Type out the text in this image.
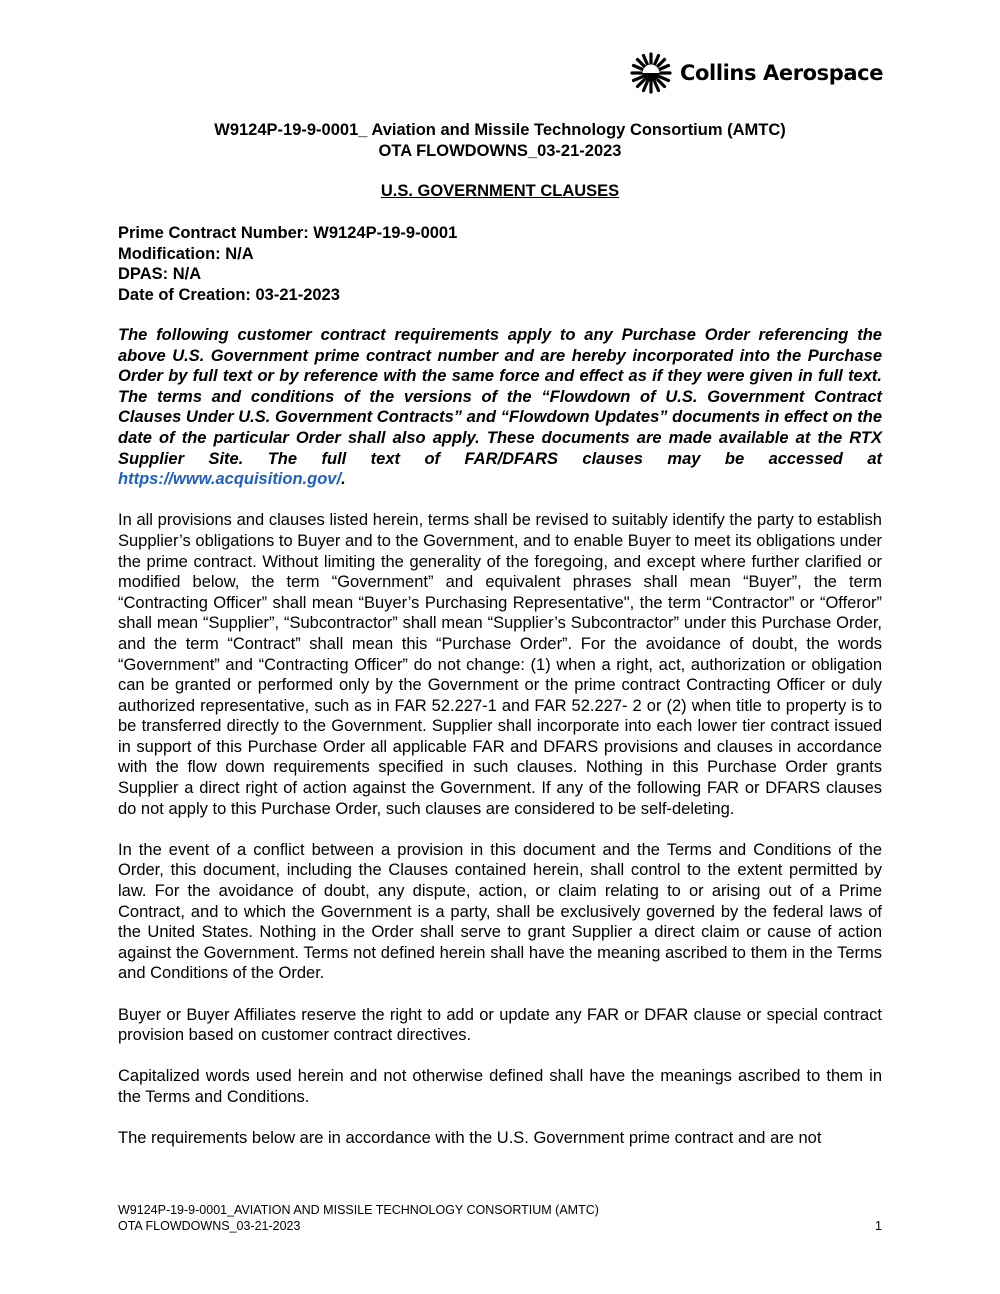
Collins Aerospace
W9124P-19-9-0001_ Aviation and Missile Technology Consortium (AMTC)
OTA FLOWDOWNS_03-21-2023
U.S. GOVERNMENT CLAUSES
Prime Contract Number: W9124P-19-9-0001
Modification: N/A
DPAS: N/A
Date of Creation: 03-21-2023

The following customer contract requirements apply to any Purchase Order referencing the above U.S. Government prime contract number and are hereby incorporated into the Purchase Order by full text or by reference with the same force and effect as if they were given in full text. The terms and conditions of the versions of the “Flowdown of U.S. Government Contract Clauses Under U.S. Government Contracts” and “Flowdown Updates” documents in effect on the date of the particular Order shall also apply. These documents are made available at the RTX Supplier Site. The full text of FAR/DFARS clauses may be accessed at https://www.acquisition.gov/.

In all provisions and clauses listed herein, terms shall be revised to suitably identify the party to establish Supplier’s obligations to Buyer and to the Government, and to enable Buyer to meet its obligations under the prime contract. Without limiting the generality of the foregoing, and except where further clarified or modified below, the term “Government” and equivalent phrases shall mean “Buyer”, the term “Contracting Officer” shall mean “Buyer’s Purchasing Representative", the term “Contractor” or “Offeror” shall mean “Supplier”, “Subcontractor” shall mean “Supplier’s Subcontractor” under this Purchase Order, and the term “Contract” shall mean this “Purchase Order”. For the avoidance of doubt, the words “Government” and “Contracting Officer” do not change: (1) when a right, act, authorization or obligation can be granted or performed only by the Government or the prime contract Contracting Officer or duly authorized representative, such as in FAR 52.227-1 and FAR 52.227- 2 or (2) when title to property is to be transferred directly to the Government. Supplier shall incorporate into each lower tier contract issued in support of this Purchase Order all applicable FAR and DFARS provisions and clauses in accordance with the flow down requirements specified in such clauses. Nothing in this Purchase Order grants Supplier a direct right of action against the Government. If any of the following FAR or DFARS clauses do not apply to this Purchase Order, such clauses are considered to be self-deleting.

In the event of a conflict between a provision in this document and the Terms and Conditions of the Order, this document, including the Clauses contained herein, shall control to the extent permitted by law. For the avoidance of doubt, any dispute, action, or claim relating to or arising out of a Prime Contract, and to which the Government is a party, shall be exclusively governed by the federal laws of the United States. Nothing in the Order shall serve to grant Supplier a direct claim or cause of action against the Government. Terms not defined herein shall have the meaning ascribed to them in the Terms and Conditions of the Order.

Buyer or Buyer Affiliates reserve the right to add or update any FAR or DFAR clause or special contract provision based on customer contract directives.

Capitalized words used herein and not otherwise defined shall have the meanings ascribed to them in the Terms and Conditions.

The requirements below are in accordance with the U.S. Government prime contract and are not

W9124P-19-9-0001_AVIATION AND MISSILE TECHNOLOGY CONSORTIUM (AMTC)
OTA FLOWDOWNS_03-21-2023	1
